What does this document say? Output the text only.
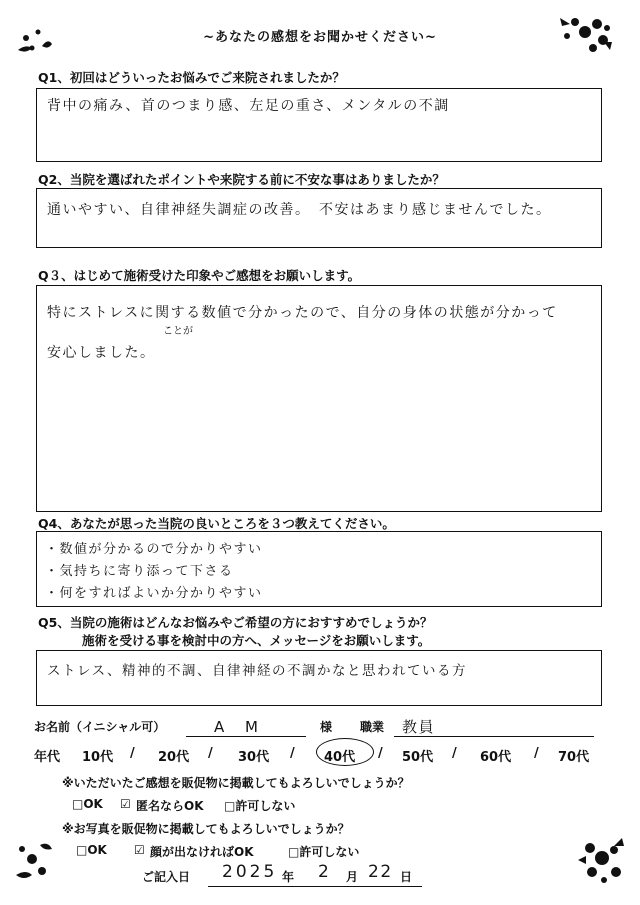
~あなたの感想をお聞かせください~
Q1、初回はどういったお悩みでご来院されましたか？
背中の痛み、首のつまり感、左足の重さ、メンタルの不調
Q2、当院を選ばれたポイントや来院する前に不安な事はありましたか？
通いやすい、自律神経失調症の改善。　不安はあまり感じませんでした。
Q３、はじめて施術受けた印象やご感想をお願いします。
特にストレスに関する数値で分かったので、自分の身体の状態が分かって
ことが
安心しました。
Q4、あなたが思った当院の良いところを３つ教えてください。
・数値が分かるので分かりやすい
・気持ちに寄り添って下さる
・何をすればよいか分かりやすい
Q5、当院の施術はどんなお悩みやご希望の方におすすめでしょうか？
施術を受ける事を検討中の方へ、メッセージをお願いします。
ストレス、精神的不調、自律神経の不調かなと思われている方
お名前（イニシャル可）	A M	様 職業 教員
年代 10代 / 20代 / 30代 / 40代 / 50代 / 60代 / 70代
※いただいたご感想を販促物に掲載してもよろしいでしょうか？
□OK ☑ 匿名ならOK □許可しない
※お写真を販促物に掲載してもよろしいでしょうか？
□OK ☑ 顔が出なければOK	□許可しない
ご記入日 2025 年 2 月 22 日
